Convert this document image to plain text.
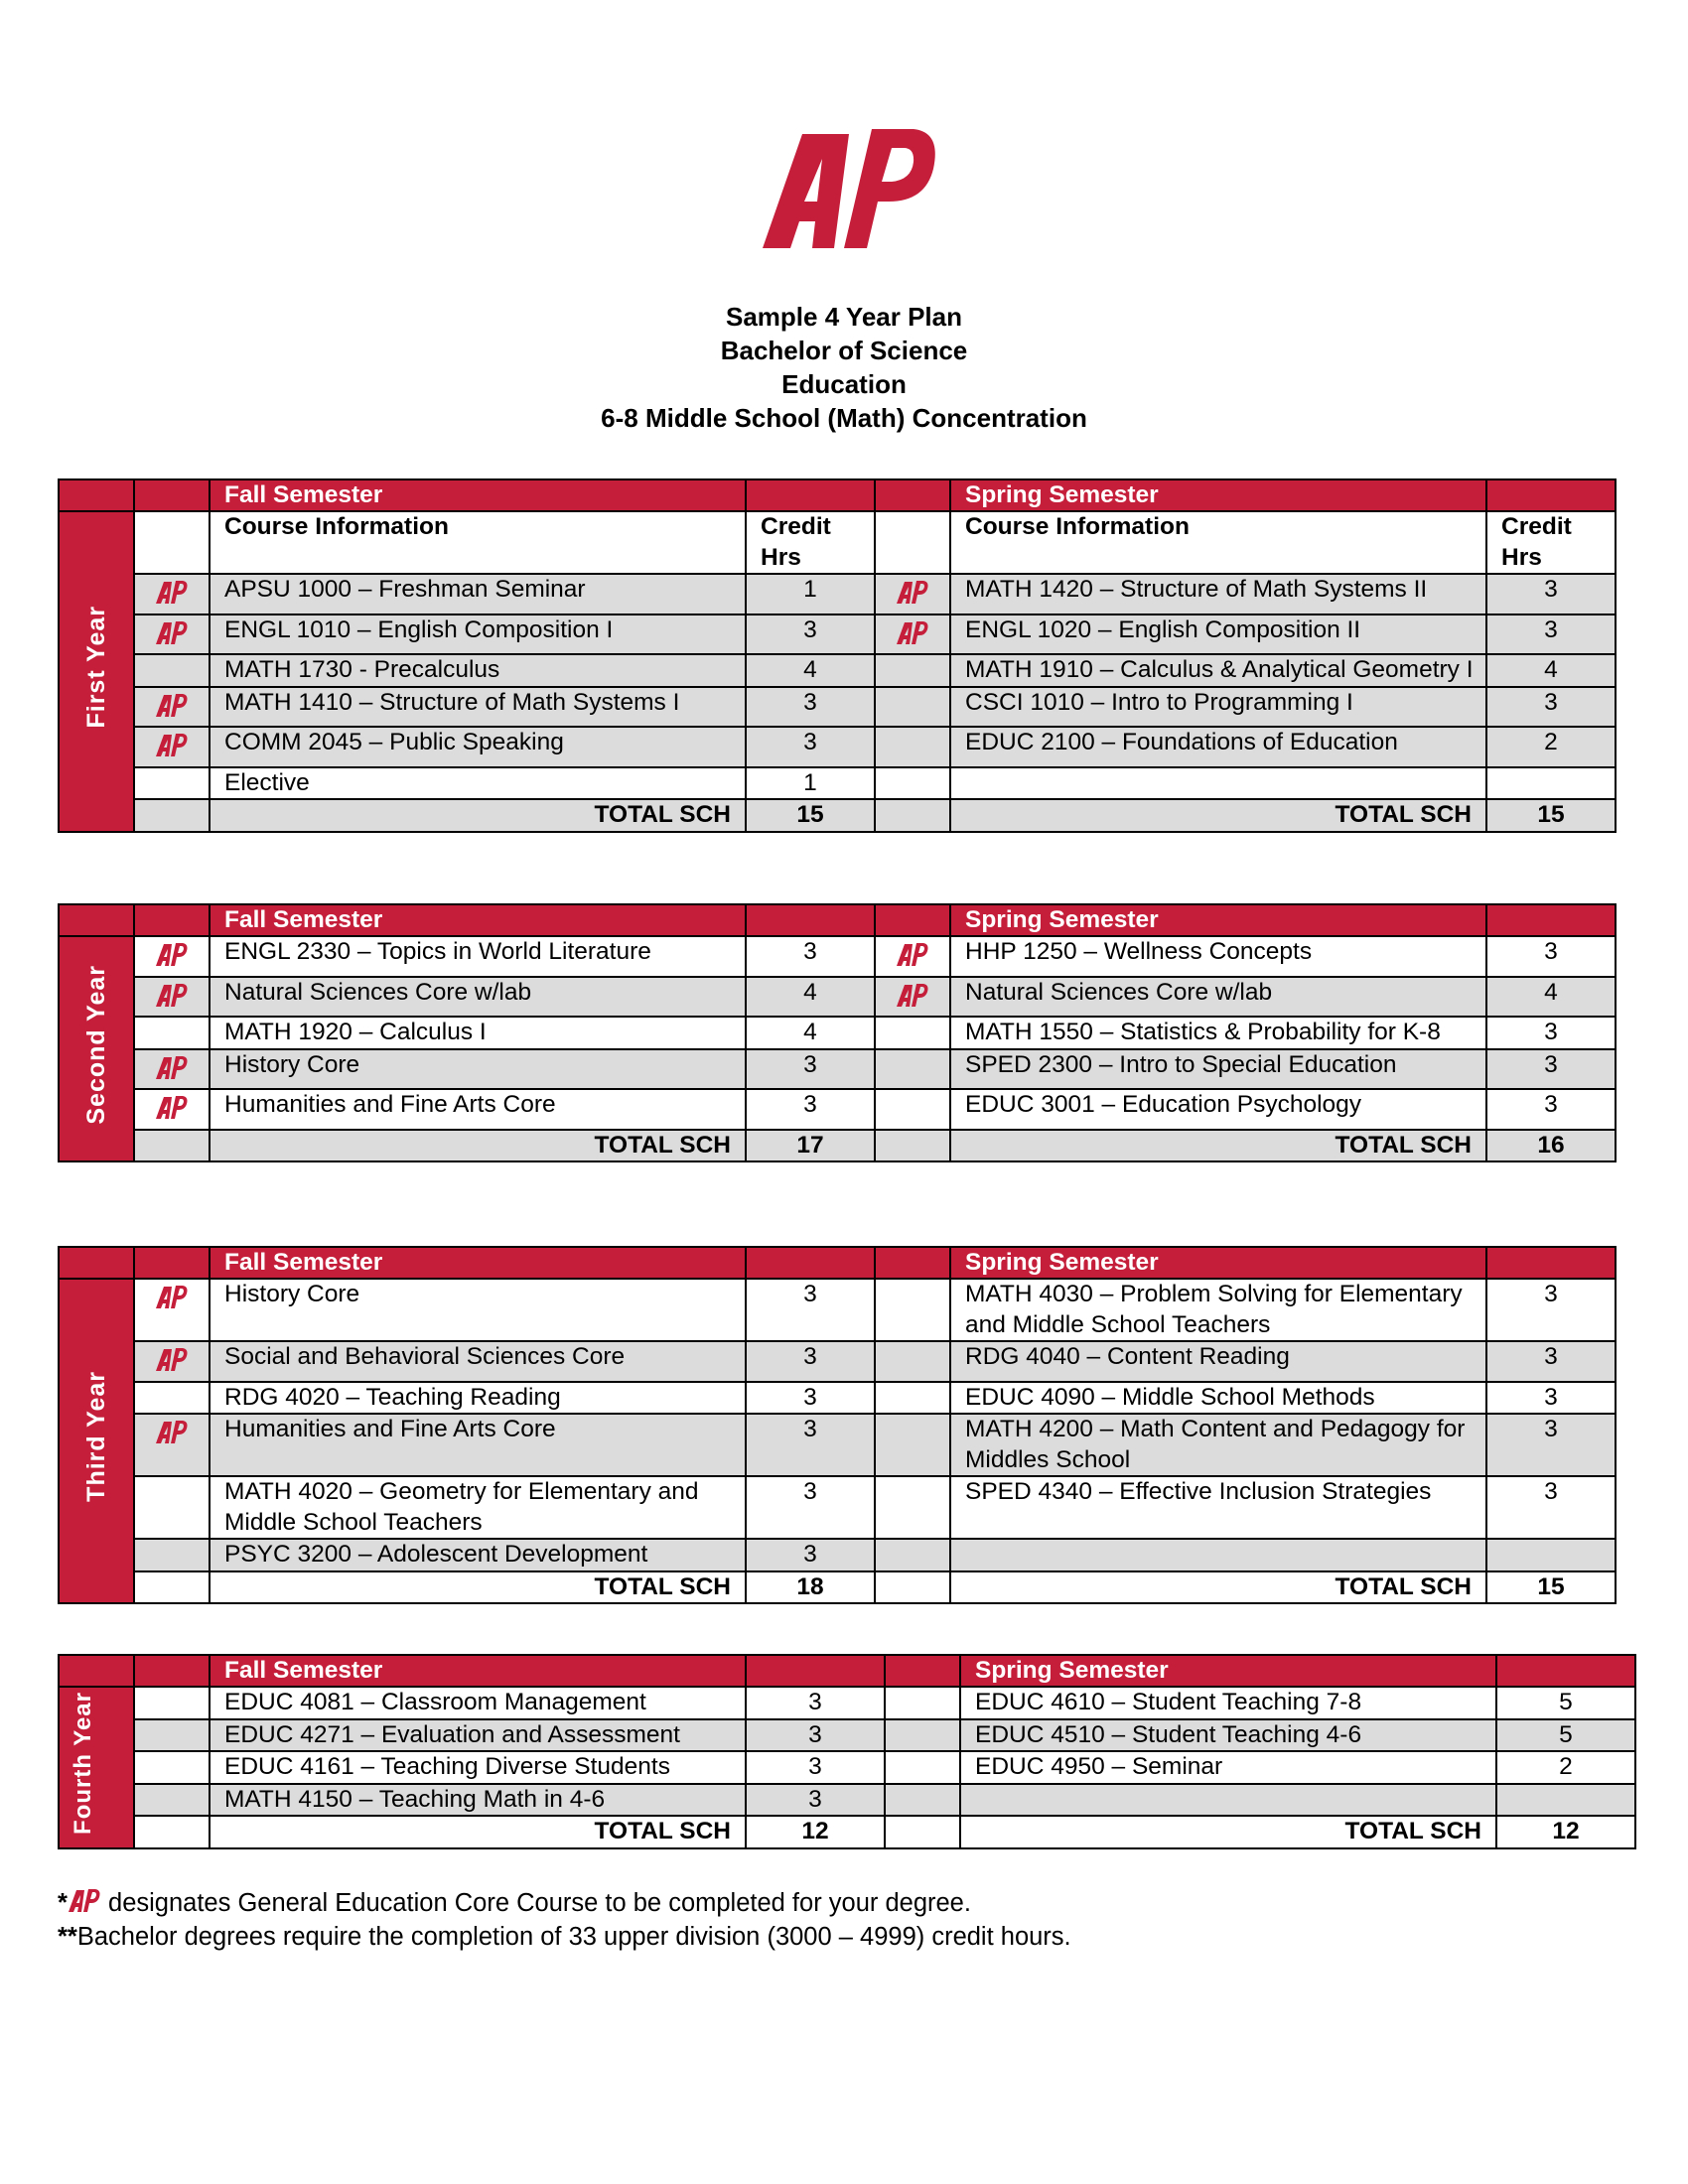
Sample 4 Year Plan
Bachelor of Science
Education
6-8 Middle School (Math) Concentration
		Fall Semester			Spring Semester	
First Year		Course Information	Credit Hrs		Course Information	Credit Hrs
	APSU 1000 – Freshman Seminar	1		MATH 1420 – Structure of Math Systems II	3
	ENGL 1010 – English Composition I	3		ENGL 1020 – English Composition II	3
		MATH 1730 - Precalculus	4		MATH 1910 – Calculus & Analytical Geometry I	4
	MATH 1410 – Structure of Math Systems I	3		CSCI 1010 – Intro to Programming I	3
	COMM 2045 – Public Speaking	3		EDUC 2100 – Foundations of Education	2
		Elective	1			
		TOTAL SCH	15		TOTAL SCH	15
		Fall Semester			Spring Semester	
Second Year		ENGL 2330 – Topics in World Literature	3		HHP 1250 – Wellness Concepts	3
	Natural Sciences Core w/lab	4		Natural Sciences Core w/lab	4
		MATH 1920 – Calculus I	4		MATH 1550 – Statistics & Probability for K-8	3
	History Core	3		SPED 2300 – Intro to Special Education	3
	Humanities and Fine Arts Core	3		EDUC 3001 – Education Psychology	3
		TOTAL SCH	17		TOTAL SCH	16
		Fall Semester			Spring Semester	
Third Year		History Core	3		MATH 4030 – Problem Solving for Elementary and Middle School Teachers	3
	Social and Behavioral Sciences Core	3		RDG 4040 – Content Reading	3
		RDG 4020 – Teaching Reading	3		EDUC 4090 – Middle School Methods	3
	Humanities and Fine Arts Core	3		MATH 4200 – Math Content and Pedagogy for Middles School	3
		MATH 4020 – Geometry for Elementary and Middle School Teachers	3		SPED 4340 – Effective Inclusion Strategies	3
		PSYC 3200 – Adolescent Development	3			
		TOTAL SCH	18		TOTAL SCH	15
		Fall Semester			Spring Semester	
Fourth Year		EDUC 4081 – Classroom Management	3		EDUC 4610 – Student Teaching 7-8	5
		EDUC 4271 – Evaluation and Assessment	3		EDUC 4510 – Student Teaching 4-6	5
		EDUC 4161 – Teaching Diverse Students	3		EDUC 4950 – Seminar	2
		MATH 4150 – Teaching Math in 4-6	3			
		TOTAL SCH	12		TOTAL SCH	12
* designates General Education Core Course to be completed for your degree.
**Bachelor degrees require the completion of 33 upper division (3000 – 4999) credit hours.
